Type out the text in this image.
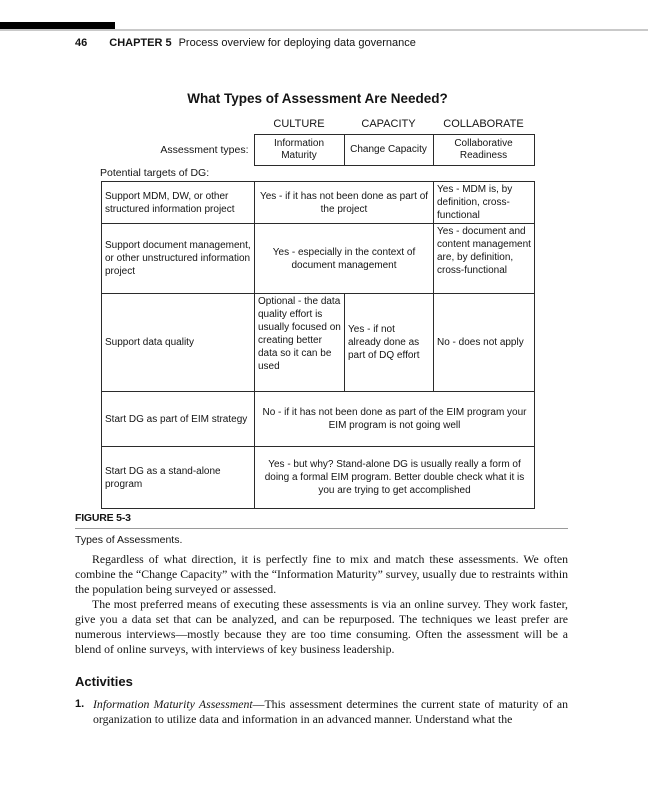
46 CHAPTER 5 Process overview for deploying data governance
What Types of Assessment Are Needed?
CULTURE	CAPACITY	COLLABORATE
Assessment types:	Information Maturity	Change Capacity	Collaborative Readiness
Potential targets of DG:
Support MDM, DW, or other structured information project	Yes - if it has not been done as part of the project		Yes - MDM is, by definition, cross-functional
Support document management, or other unstructured information project	Yes - especially in the context of document management		Yes - document and content management are, by definition, cross-functional
Support data quality	Optional - the data quality effort is usually focused on creating better data so it can be used	Yes - if not already done as part of DQ effort	No - does not apply
Start DG as part of EIM strategy	No - if it has not been done as part of the EIM program your EIM program is not going well		
Start DG as a stand-alone program	Yes - but why? Stand-alone DG is usually really a form of doing a formal EIM program. Better double check what it is you are trying to get accomplished		
FIGURE 5-3
Types of Assessments.

Regardless of what direction, it is perfectly fine to mix and match these assessments. We often combine the “Change Capacity” with the “Information Maturity” survey, usually due to restraints within the population being surveyed or assessed.

The most preferred means of executing these assessments is via an online survey. They work faster, give you a data set that can be analyzed, and can be repurposed. The techniques we least prefer are numerous interviews—mostly because they are too time consuming. Often the assessment will be a blend of online surveys, with interviews of key business leadership.

Activities
1. Information Maturity Assessment—This assessment determines the current state of maturity of an organization to utilize data and information in an advanced manner. Understand what the
